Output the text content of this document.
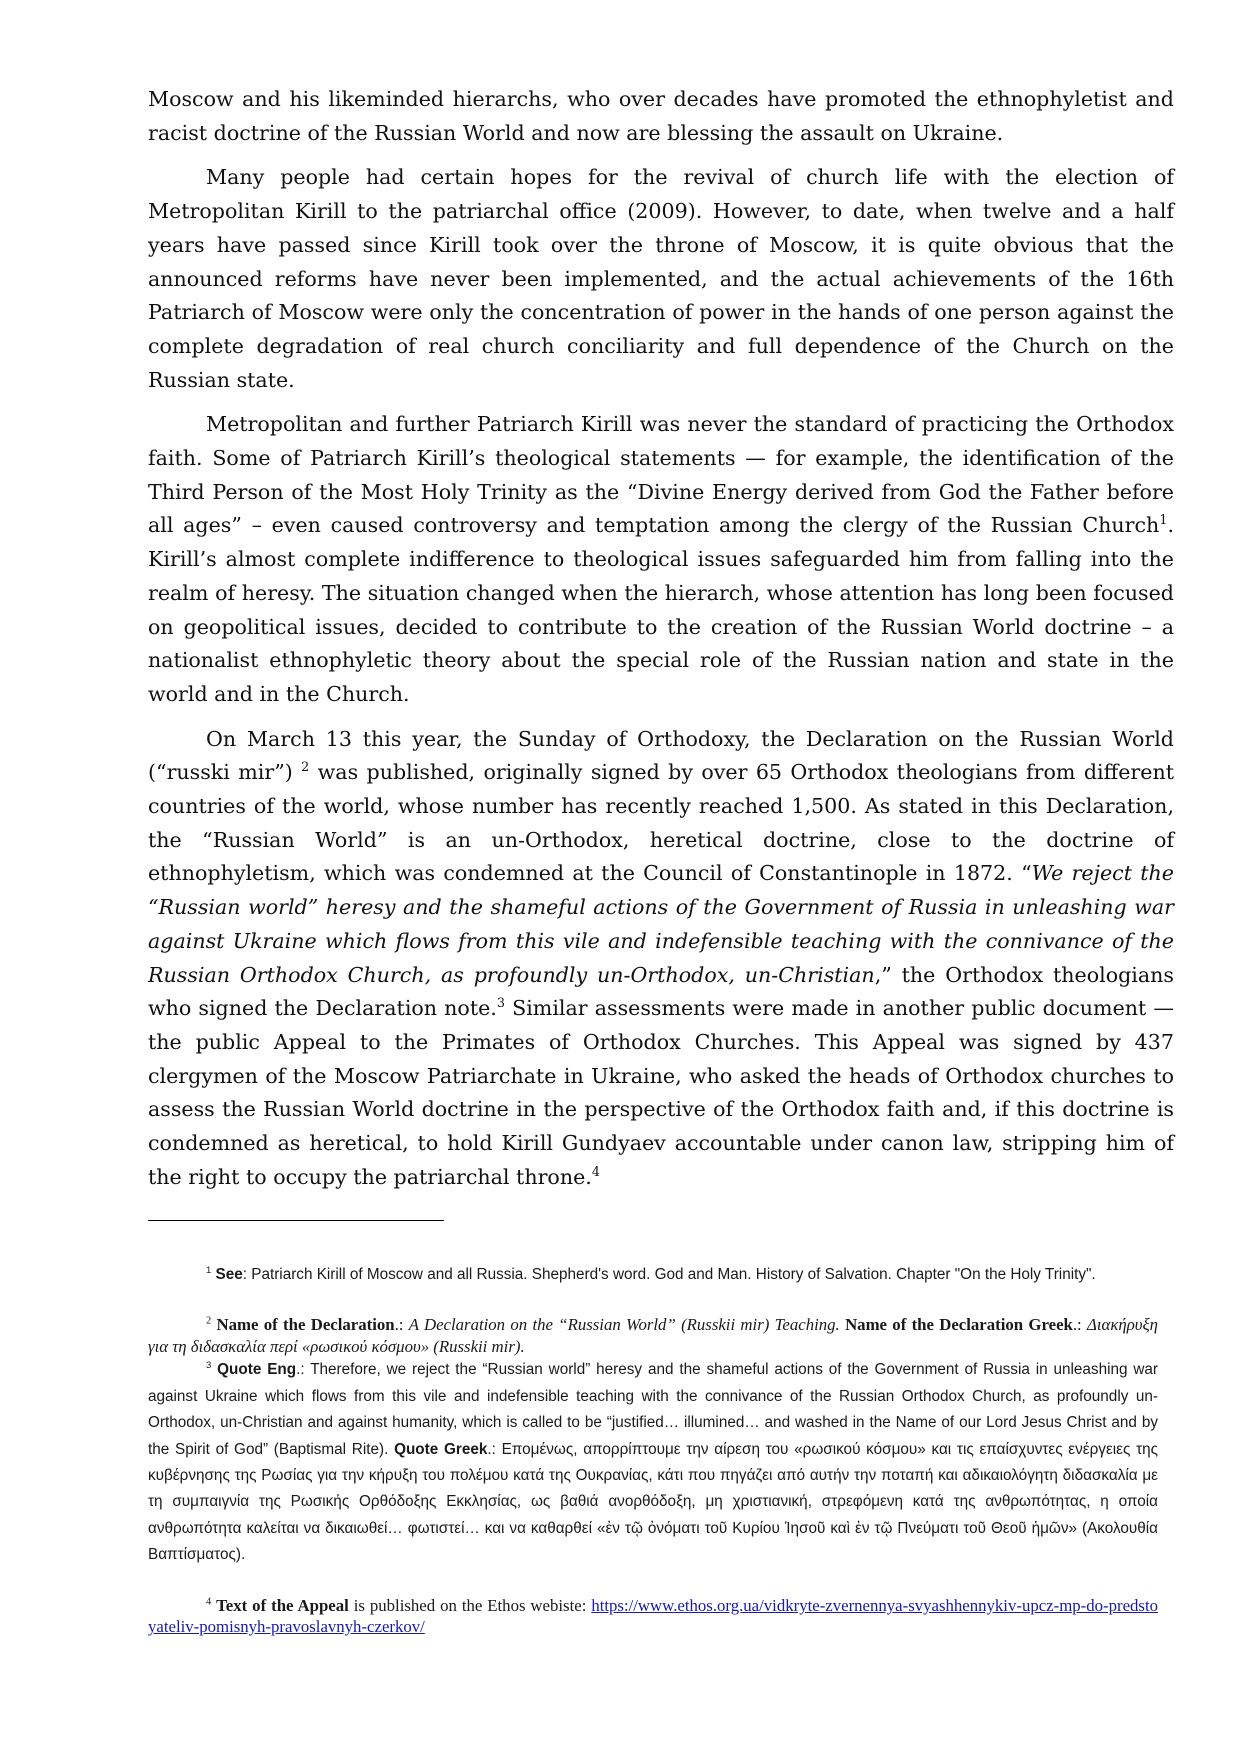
Moscow and his likeminded hierarchs, who over decades have promoted the ethnophyletist and racist doctrine of the Russian World and now are blessing the assault on Ukraine.

Many people had certain hopes for the revival of church life with the election of Metropolitan Kirill to the patriarchal office (2009). However, to date, when twelve and a half years have passed since Kirill took over the throne of Moscow, it is quite obvious that the announced reforms have never been implemented, and the actual achievements of the 16th Patriarch of Moscow were only the concentration of power in the hands of one person against the complete degradation of real church conciliarity and full dependence of the Church on the Russian state.

Metropolitan and further Patriarch Kirill was never the standard of practicing the Orthodox faith. Some of Patriarch Kirill’s theological statements — for example, the identification of the Third Person of the Most Holy Trinity as the “Divine Energy derived from God the Father before all ages” – even caused controversy and temptation among the clergy of the Russian Church$^1$. Kirill’s almost complete indifference to theological issues safeguarded him from falling into the realm of heresy. The situation changed when the hierarch, whose attention has long been focused on geopolitical issues, decided to contribute to the creation of the Russian World doctrine – a nationalist ethnophyletic theory about the special role of the Russian nation and state in the world and in the Church.

On March 13 this year, the Sunday of Orthodoxy, the Declaration on the Russian World (“russki mir”) $^2$ was published, originally signed by over 65 Orthodox theologians from different countries of the world, whose number has recently reached 1,500. As stated in this Declaration, the “Russian World” is an un-Orthodox, heretical doctrine, close to the doctrine of ethnophyletism, which was condemned at the Council of Constantinople in 1872. “We reject the “Russian world” heresy and the shameful actions of the Government of Russia in unleashing war against Ukraine which flows from this vile and indefensible teaching with the connivance of the Russian Orthodox Church, as profoundly un-Orthodox, un-Christian,” the Orthodox theologians who signed the Declaration note.$^3$ Similar assessments were made in another public document — the public Appeal to the Primates of Orthodox Churches. This Appeal was signed by 437 clergymen of the Moscow Patriarchate in Ukraine, who asked the heads of Orthodox churches to assess the Russian World doctrine in the perspective of the Orthodox faith and, if this doctrine is condemned as heretical, to hold Kirill Gundyaev accountable under canon law, stripping him of the right to occupy the patriarchal throne.$^4$

$^1$ See: Patriarch Kirill of Moscow and all Russia. Shepherd's word. God and Man. History of Salvation. Chapter "On the Holy Trinity".

$^2$ Name of the Declaration.: A Declaration on the “Russian World” (Russkii mir) Teaching. Name of the Declaration Greek.: Διακήρυξη για τη διδασκαλία περί «ρωσικού κόσμου» (Russkii mir).

$^3$ Quote Eng.: Therefore, we reject the “Russian world” heresy and the shameful actions of the Government of Russia in unleashing war against Ukraine which flows from this vile and indefensible teaching with the connivance of the Russian Orthodox Church, as profoundly un-Orthodox, un-Christian and against humanity, which is called to be “justified… illumined… and washed in the Name of our Lord Jesus Christ and by the Spirit of God” (Baptismal Rite). Quote Greek.: Επομένως, απορρίπτουμε την αίρεση του «ρωσικού κόσμου» και τις επαίσχυντες ενέργειες της κυβέρνησης της Ρωσίας για την κήρυξη του πολέμου κατά της Ουκρανίας, κάτι που πηγάζει από αυτήν την ποταπή και αδικαιολόγητη διδασκαλία με τη συμπαιγνία της Ρωσικής Ορθόδοξης Εκκλησίας, ως βαθιά ανορθόδοξη, μη χριστιανική, στρεφόμενη κατά της ανθρωπότητας, η οποία ανθρωπότητα καλείται να δικαιωθεί… φωτιστεί… και να καθαρθεί «ἐν τῷ ὀνόματι τοῦ Κυρίου Ἰησοῦ καὶ ἐν τῷ Πνεύματι τοῦ Θεοῦ ἡμῶν» (Ακολουθία Βαπτίσματος).

$^4$ Text of the Appeal is published on the Ethos webiste: https://www.ethos.org.ua/vidkryte-zvernennya-svyashhennykiv-upcz-mp-do-predstoyateliv-pomisnyh-pravoslavnyh-czerkov/
